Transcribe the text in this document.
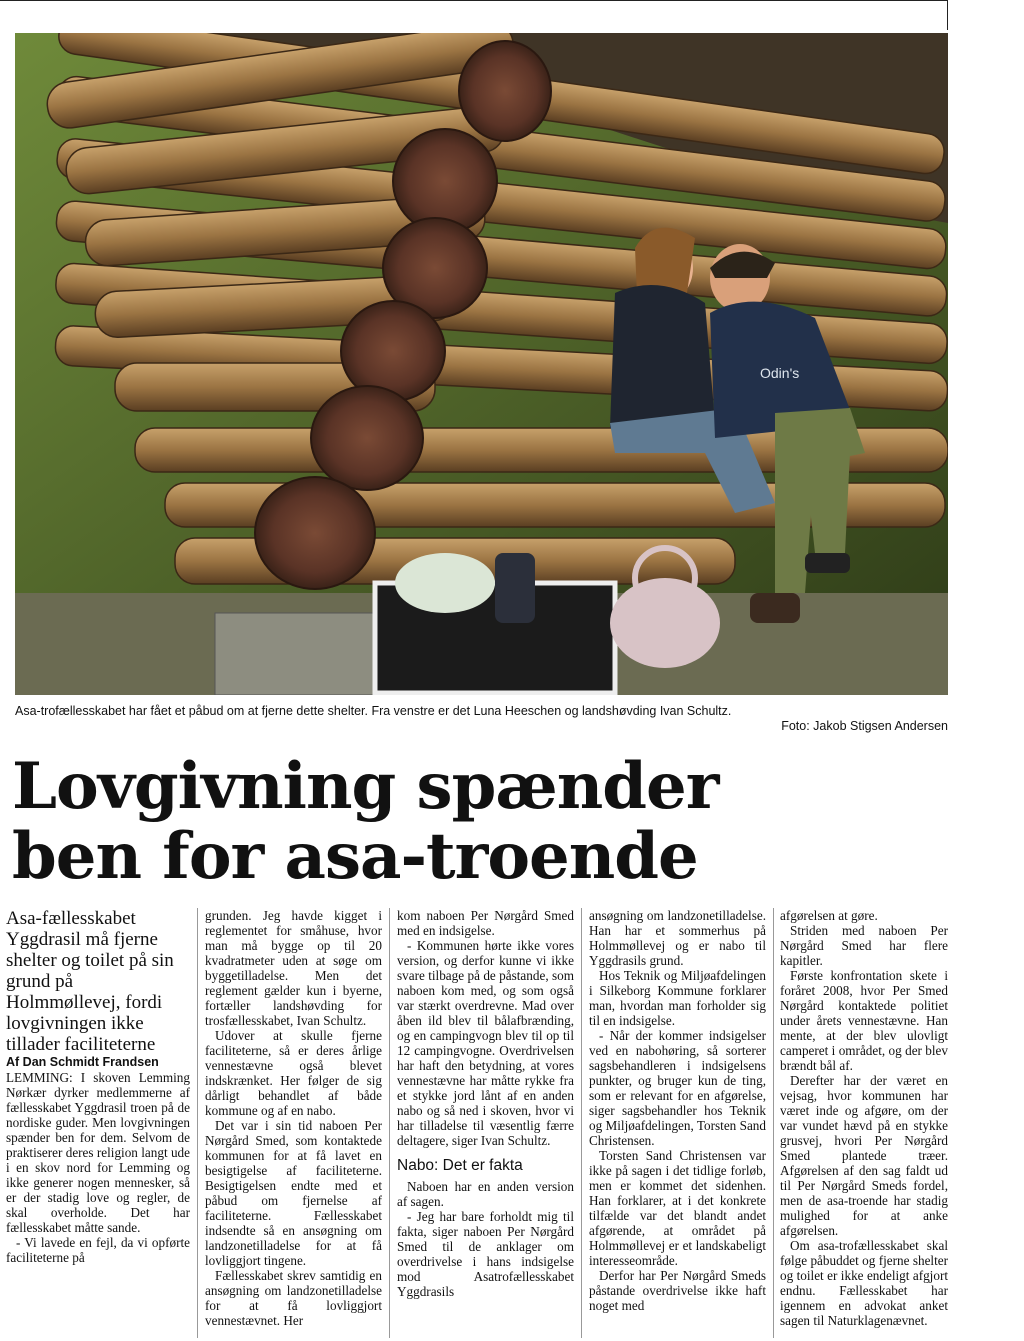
Odin's
Asa-trofællesskabet har fået et påbud om at fjerne dette shelter. Fra venstre er det Luna Heeschen og landshøvding Ivan Schultz.
Foto: Jakob Stigsen Andersen
Lovgivning spænder
ben for asa-troende

Asa-fællesskabet Yggdrasil må fjerne shelter og toilet på sin grund på Holmmøllevej, fordi lovgivningen ikke tillader faciliteterne

Af Dan Schmidt Frandsen

LEMMING: I skoven Lemming Nørkær dyrker medlemmerne af fællesskabet Yggdrasil troen på de nordiske guder. Men lovgivningen spænder ben for dem. Selvom de praktiserer deres religion langt ude i en skov nord for Lemming og ikke generer nogen mennesker, så er der stadig love og regler, de skal overholde. Det har fællesskabet måtte sande.

- Vi lavede en fejl, da vi opførte faciliteterne på

grunden. Jeg havde kigget i reglementet for småhuse, hvor man må bygge op til 20 kvadratmeter uden at søge om byggetilladelse. Men det reglement gælder kun i byerne, fortæller landshøvding for trosfællesskabet, Ivan Schultz.

Udover at skulle fjerne faciliteterne, så er deres årlige vennestævne også blevet indskrænket. Her følger de sig dårligt behandlet af både kommune og af en nabo.

Det var i sin tid naboen Per Nørgård Smed, som kontaktede kommunen for at få lavet en besigtigelse af faciliteterne. Besigtigelsen endte med et påbud om fjernelse af faciliteterne. Fællesskabet indsendte så en ansøgning om landzonetilladelse for at få lovliggjort tingene.

Fællesskabet skrev samtidig en ansøgning om landzonetilladelse for at få lovliggjort vennestævnet. Her

kom naboen Per Nørgård Smed med en indsigelse.

- Kommunen hørte ikke vores version, og derfor kunne vi ikke svare tilbage på de påstande, som naboen kom med, og som også var stærkt overdrevne. Mad over åben ild blev til bålafbrænding, og en campingvogn blev til op til 12 campingvogne. Overdrivelsen har haft den betydning, at vores vennestævne har måtte rykke fra et stykke jord lånt af en anden nabo og så ned i skoven, hvor vi har tilladelse til væsentlig færre deltagere, siger Ivan Schultz.

Nabo: Det er fakta

Naboen har en anden version af sagen.

- Jeg har bare forholdt mig til fakta, siger naboen Per Nørgård Smed til de anklager om overdrivelse i hans indsigelse mod Asatrofællesskabet Yggdrasils

ansøgning om landzonetilladelse. Han har et sommerhus på Holmmøllevej og er nabo til Yggdrasils grund.

Hos Teknik og Miljøafdelingen i Silkeborg Kommune forklarer man, hvordan man forholder sig til en indsigelse.

- Når der kommer indsigelser ved en nabohøring, så sorterer sagsbehandleren i indsigelsens punkter, og bruger kun de ting, som er relevant for en afgørelse, siger sagsbehandler hos Teknik og Miljøafdelingen, Torsten Sand Christensen.

Torsten Sand Christensen var ikke på sagen i det tidlige forløb, men er kommet det sidenhen. Han forklarer, at i det konkrete tilfælde var det blandt andet afgørende, at området på Holmmøllevej er et landskabeligt interesseområde.

Derfor har Per Nørgård Smeds påstande overdrivelse ikke haft noget med

afgørelsen at gøre.

Striden med naboen Per Nørgård Smed har flere kapitler.

Første konfrontation skete i foråret 2008, hvor Per Smed Nørgård kontaktede politiet under årets vennestævne. Han mente, at der blev ulovligt camperet i området, og der blev brændt bål af.

Derefter har der været en vejsag, hvor kommunen har været inde og afgøre, om der var vundet hævd på en stykke grusvej, hvori Per Nørgård Smed plantede træer. Afgørelsen af den sag faldt ud til Per Nørgård Smeds fordel, men de asa-troende har stadig mulighed for at anke afgørelsen.

Om asa-trofællesskabet skal følge påbuddet og fjerne shelter og toilet er ikke endeligt afgjort endnu. Fællesskabet har igennem en advokat anket sagen til Naturklagenævnet.
